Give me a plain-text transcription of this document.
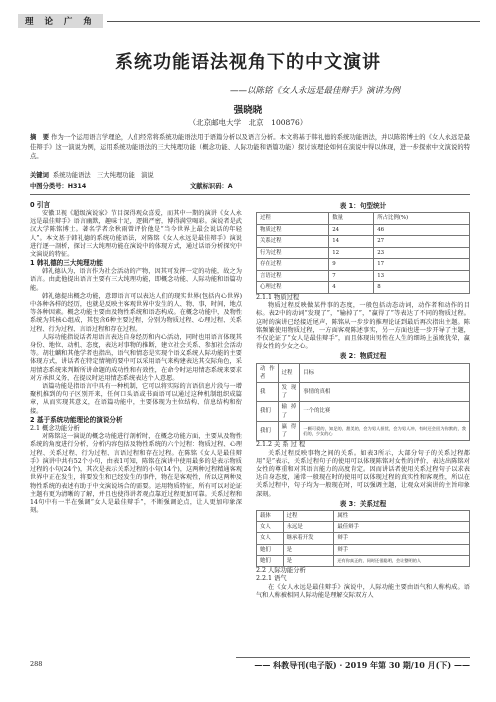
理 论 广 角
系统功能语法视角下的中文演讲
——以陈铭《女人永远是最佳辩手》演讲为例
强晓晓
（北京邮电大学　北京　100876）
摘　要 作为一个运用语言学理论，人们经常将系统功能语法用于语篇分析以及语言分析。本文将基于韩礼德的系统功能语法，并以陈铭博士的《女人永远是最佳辩手》这一演说为例，运用系统功能语法的三大纯理功能（概念功能、人际功能和语篇功能）探讨该理论如何在演说中得以体现，进一步探索中文演说的特点。
关键词 系统功能语法　三大纯理功能　演说
中图分类号：H314	文献标识码：A
0 引言

安徽卫视《超级演说家》节目深得观众喜爱，而其中一期的演讲《女人永远是最佳辩手》语言幽默，趣味十足，逻辑严密，博得满堂喝彩。演说者是武汉大学陈铭博士。著名学者余秋雨曾评价他是“当今世界上最会说话的年轻人”。本文基于韩礼德的系统功能语法，对陈铭《女人永远是最佳辩手》演说进行逐一剖析，探讨三大纯理功能在演说中的体现方式，通过话语分析探究中文演说的特征。

1 韩礼德的三大纯理功能

韩礼德认为，语言作为社会活动的产物，因其可发挥一定的功能，故之为语言。由此他提出语言主要有三大纯理功能，即概念功能、人际功能和语篇功能。

韩礼德提出概念功能，意即语言可以表达人们的现实世界(包括内心世界)中各种各样的经历，也就是反映主客观世界中发生的人、物、事，时间，地点等各种因素。概念功能主要由及物性系统和语态构成。在概念功能中，及物性系统为其核心组成，其包含6种主要过程，分别为物质过程、心理过程、关系过程、行为过程、言语过程和存在过程。

人际功能指说话者用语言表达自身经历和内心活动，同时也用语言体现其身份、地位、动机、态度，表达对事物的推断，建立社会关系、参加社会活动等。胡壮麟和其他学者也指出，语气和情态是实现个语义系统人际功能的主要体现方式，讲话者在特定情境的要中可以采用语气来构建表达其交际角色，采用情态系统来判断所讲命题的成功性和有效性，在命令时运用情态系统来要求对方承担义务，在提议时运用情态系统表达个人意愿。

语篇功能是指语言中具有一种机制，它可以将实际的言语信息片段与一增聚机推到的句子区别开来，任何口头语或书面语可以通过这种机制组织成篇章，从而实现其意义，在语篇功能中，主要体现为主位结构、信息结构和衔接。

2 基于系统功能理论的演说分析
2.1 概念功能分析

对陈铭这一演说的概念功能进行剖析时，在概念功能方面，主要从及物性系统的角度进行分析，分析内容包括及物性系统的六个过程：物质过程、心理过程、关系过程、行为过程、言语过程和存在过程。在陈铭《女人是最佳辩手》演讲中共有52个小句，由表1可知，陈铭在演讲中使用最多的是表示物质过程的小句(24个)，其次是表示关系过程的小句(14个)，这两种过程精通客观世界中正在发生，将要发生和已经发生的事件，物在是客观性，所以这两种及物性系统的表述有助于中文演说场合的需要。运用物质特征，所有可以对论证主题有更为清晰的了解，并且也使得讲者观点靠近过程更加可靠。关系过程和14句中有一半在强调“女人是最佳辩手”，不断强调论点，让人更加印象深刻。

表 1：句型统计
过程	数量	所占比例(%)
物质过程	24	46
关系过程	14	27
行为过程	12	23
存在过程	9	17
言语过程	7	13
心理过程	4	8
2.1.1 物质过程

物质过程反映做某件事的态度，一般包括动态动词，动作者和动作的目标。表2中的动词“发现了”，“输掉了”，“赢得了”等表达了不同的物质过程。这时的演讲已经接近尾声，陈铭从一步步的推理论证到最后再次指出主题。陈铭频繁使用物质过程，一方面客观陈述事实，另一方面也进一步开导了主题，不仅论证了“女人是最佳辩手”，而且体现出男性在人生的细场上虽败犹荣，赢得女性的少女之心。

表 2：物质过程
动作者	过程	目标
我	发现了	事情的真相
我们	输掉了	一个的比赛
我们	赢得了	一颗可爱的，知足的，甜美的，会为男人担忧，会为男人冲，有时还会回为你默的，我们的，少女的心
2.1.2 关 系 过 程

关系过程反映事物之间的关系。如表3所示，大部分句子的关系过程都用“是”表示，关系过程句子的使用可以体现陈铭对女性的评价，表达出陈铭对女性的尊重和对其语言能力的高度肯定。因而讲话者使用关系过程句子以求表达自身态度，通常一般现在时的使用可以体现过程的真实性和客观性，所以在关系过程中，句子均为一般现在时，可以强调主题，让观众对演讲的主旨印象深刻。

表 3：关系过程
载体	过程	属性
女人	永远是	最佳辩手
女人	继承着开发	辩手
她们	是	辩手
她们	是	还有你真正的，同时还很聪明，会让整明的人
2.2 人际功能分析
2.2.1 语气

在《女人永远是最佳辩手》演说中，人际功能主要由语气和人称构成。语气和人称被相同人际功能是理解交际双方人

288	—— 科教导刊(电子版) · 2019 年第 30 期/10 月(下) ——
